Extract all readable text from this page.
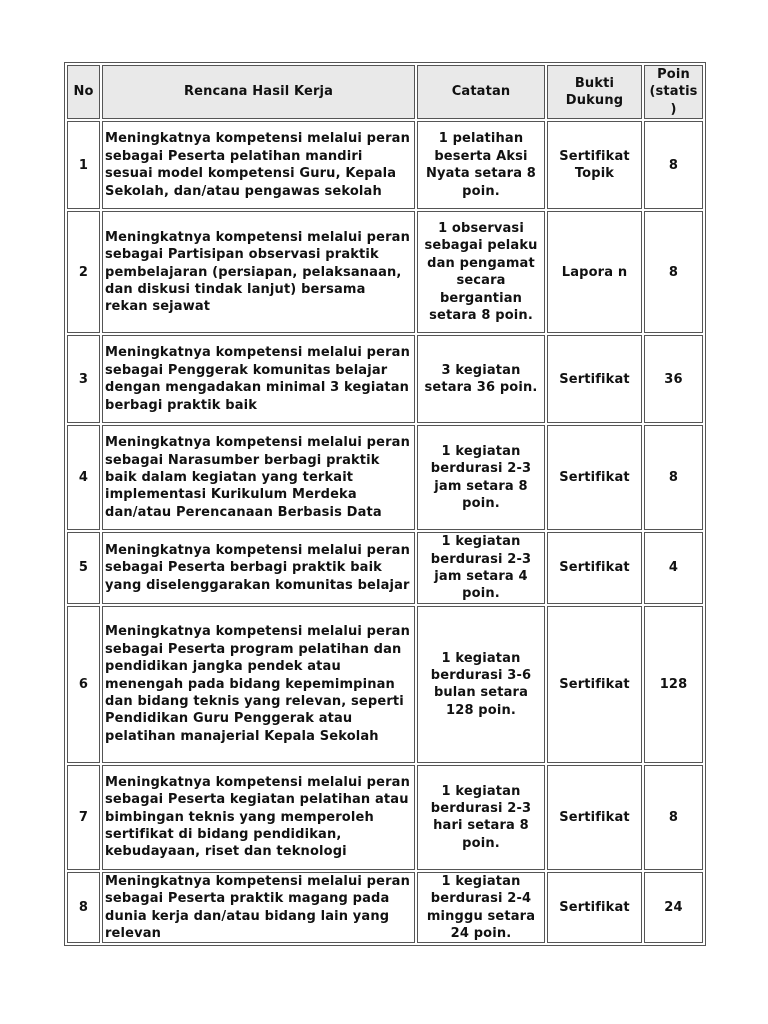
No	Rencana Hasil Kerja	Catatan	Bukti Dukung	Poin (statis )
1	Meningkatnya kompetensi melalui peran sebagai Peserta pelatihan mandiri sesuai model kompetensi Guru, Kepala Sekolah, dan/atau pengawas sekolah	1 pelatihan beserta Aksi Nyata setara 8 poin.	Sertifikat Topik	8
2	Meningkatnya kompetensi melalui peran sebagai Partisipan observasi praktik pembelajaran (persiapan, pelaksanaan, dan diskusi tindak lanjut) bersama rekan sejawat	1 observasi sebagai pelaku dan pengamat secara bergantian setara 8 poin.	Lapora n	8
3	Meningkatnya kompetensi melalui peran sebagai Penggerak komunitas belajar dengan mengadakan minimal 3 kegiatan berbagi praktik baik	3 kegiatan setara 36 poin.	Sertifikat	36
4	Meningkatnya kompetensi melalui peran sebagai Narasumber berbagi praktik baik dalam kegiatan yang terkait implementasi Kurikulum Merdeka dan/atau Perencanaan Berbasis Data	1 kegiatan berdurasi 2-3 jam setara 8 poin.	Sertifikat	8
5	Meningkatnya kompetensi melalui peran sebagai Peserta berbagi praktik baik yang diselenggarakan komunitas belajar	1 kegiatan berdurasi 2-3 jam setara 4 poin.	Sertifikat	4
6	Meningkatnya kompetensi melalui peran sebagai Peserta program pelatihan dan pendidikan jangka pendek atau menengah pada bidang kepemimpinan dan bidang teknis yang relevan, seperti Pendidikan Guru Penggerak atau pelatihan manajerial Kepala Sekolah	1 kegiatan berdurasi 3-6 bulan setara 128 poin.	Sertifikat	128
7	Meningkatnya kompetensi melalui peran sebagai Peserta kegiatan pelatihan atau bimbingan teknis yang memperoleh sertifikat di bidang pendidikan, kebudayaan, riset dan teknologi	1 kegiatan berdurasi 2-3 hari setara 8 poin.	Sertifikat	8
8	Meningkatnya kompetensi melalui peran sebagai Peserta praktik magang pada dunia kerja dan/atau bidang lain yang relevan	1 kegiatan berdurasi 2-4 minggu setara 24 poin.	Sertifikat	24
